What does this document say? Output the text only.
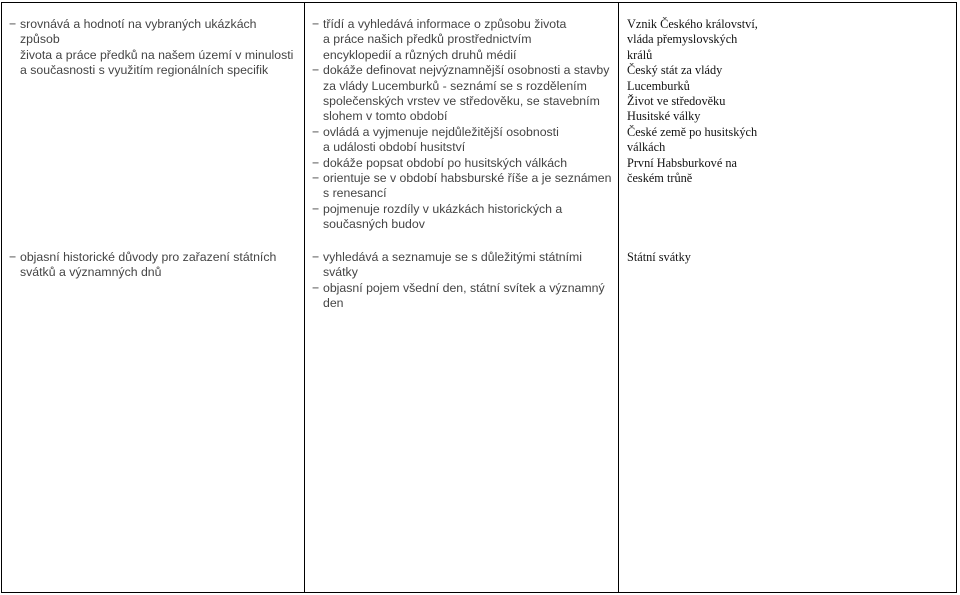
− srovnává a hodnotí na vybraných ukázkách způsob
života a práce předků na našem území v minulosti
a současnosti s využitím regionálních specifik
− třídí a vyhledává informace o způsobu života
a práce našich předků prostřednictvím
encyklopedií a různých druhů médií
− dokáže definovat nejvýznamnější osobnosti a stavby
za vlády Lucemburků - seznámí se s rozdělením
společenských vrstev ve středověku, se stavebním
slohem v tomto období
− ovládá a vyjmenuje nejdůležitější osobnosti
a události období husitství
− dokáže popsat období po husitských válkách
− orientuje se v období habsburské říše a je seznámen
s renesancí
− pojmenuje rozdíly v ukázkách historických a
současných budov
Vznik Českého království,
vláda přemyslovských
králů
Český stát za vlády
Lucemburků
Život ve středověku
Husitské války
České země po husitských
válkách
První Habsburkové na
českém trůně
− objasní historické důvody pro zařazení státních
svátků a významných dnů
− vyhledává a seznamuje se s důležitými státními
svátky
− objasní pojem všední den, státní svítek a významný
den
Státní svátky
